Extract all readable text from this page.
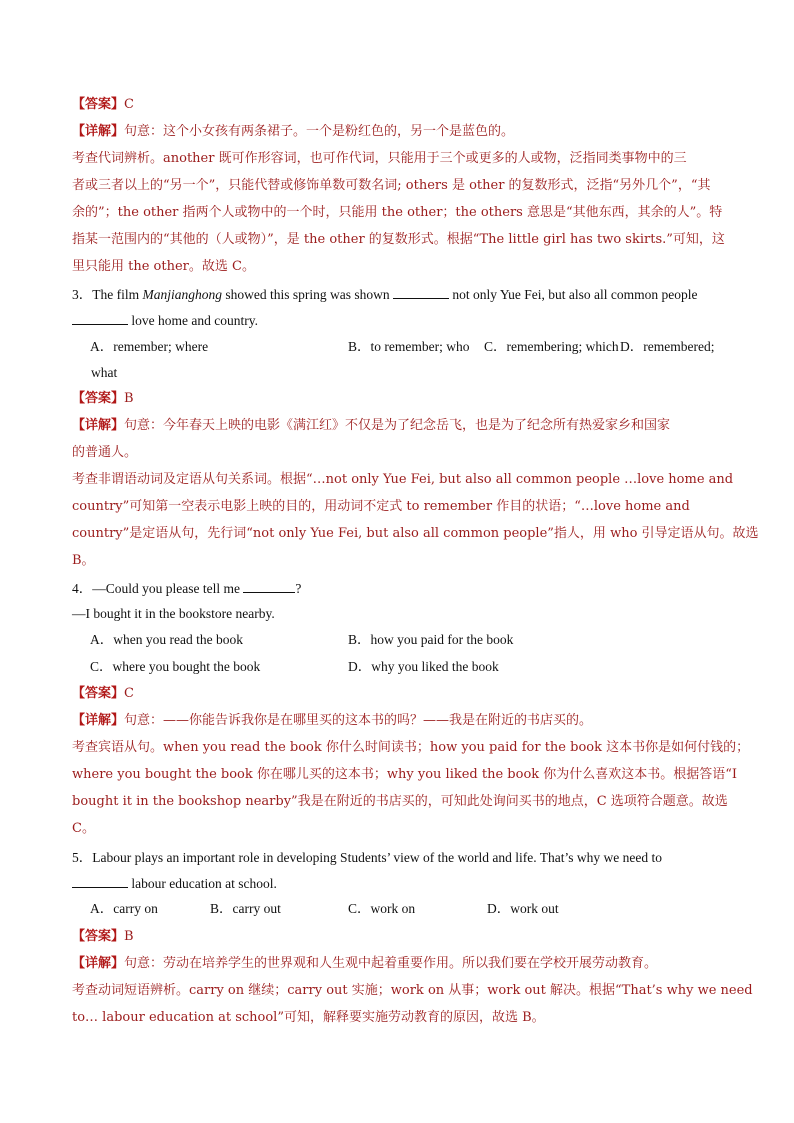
【答案】C
【详解】句意：这个小女孩有两条裙子。一个是粉红色的，另一个是蓝色的。
考查代词辨析。another 既可作形容词，也可作代词，只能用于三个或更多的人或物，泛指同类事物中的三
者或三者以上的“另一个”，只能代替或修饰单数可数名词; others 是 other 的复数形式，泛指“另外几个”，“其
余的”；the other 指两个人或物中的一个时，只能用 the other；the others 意思是“其他东西，其余的人”。特
指某一范围内的“其他的（人或物）”，是 the other 的复数形式。根据“The little girl has two skirts.”可知，这
里只能用 the other。故选 C。
3．The film Manjianghong showed this spring was shown	not only Yue Fei, but also all common people
love home and country.
A．remember; where	B．to remember; who C．remembering; which D．remembered;
what
【答案】B
【详解】句意：今年春天上映的电影《满江红》不仅是为了纪念岳飞，也是为了纪念所有热爱家乡和国家
的普通人。
考查非谓语动词及定语从句关系词。根据“…not only Yue Fei, but also all common people …love home and
country”可知第一空表示电影上映的目的，用动词不定式 to remember 作目的状语；“…love home and
country”是定语从句，先行词“not only Yue Fei, but also all common people”指人，用 who 引导定语从句。故选
B。
4．—Could you please tell me	?
—I bought it in the bookstore nearby.
A．when you read the book	B．how you paid for the book
C．where you bought the book	D．why you liked the book
【答案】C
【详解】句意：——你能告诉我你是在哪里买的这本书的吗？——我是在附近的书店买的。
考查宾语从句。when you read the book 你什么时间读书；how you paid for the book 这本书你是如何付钱的；
where you bought the book 你在哪儿买的这本书；why you liked the book 你为什么喜欢这本书。根据答语“I
bought it in the bookshop nearby”我是在附近的书店买的，可知此处询问买书的地点，C 选项符合题意。故选
C。
5．Labour plays an important role in developing Students’ view of the world and life. That’s why we need to
labour education at school.
A．carry on	B．carry out	C．work on	D．work out
【答案】B
【详解】句意：劳动在培养学生的世界观和人生观中起着重要作用。所以我们要在学校开展劳动教育。
考查动词短语辨析。carry on 继续；carry out 实施；work on 从事；work out 解决。根据“That’s why we need
to… labour education at school”可知，解释要实施劳动教育的原因，故选 B。
